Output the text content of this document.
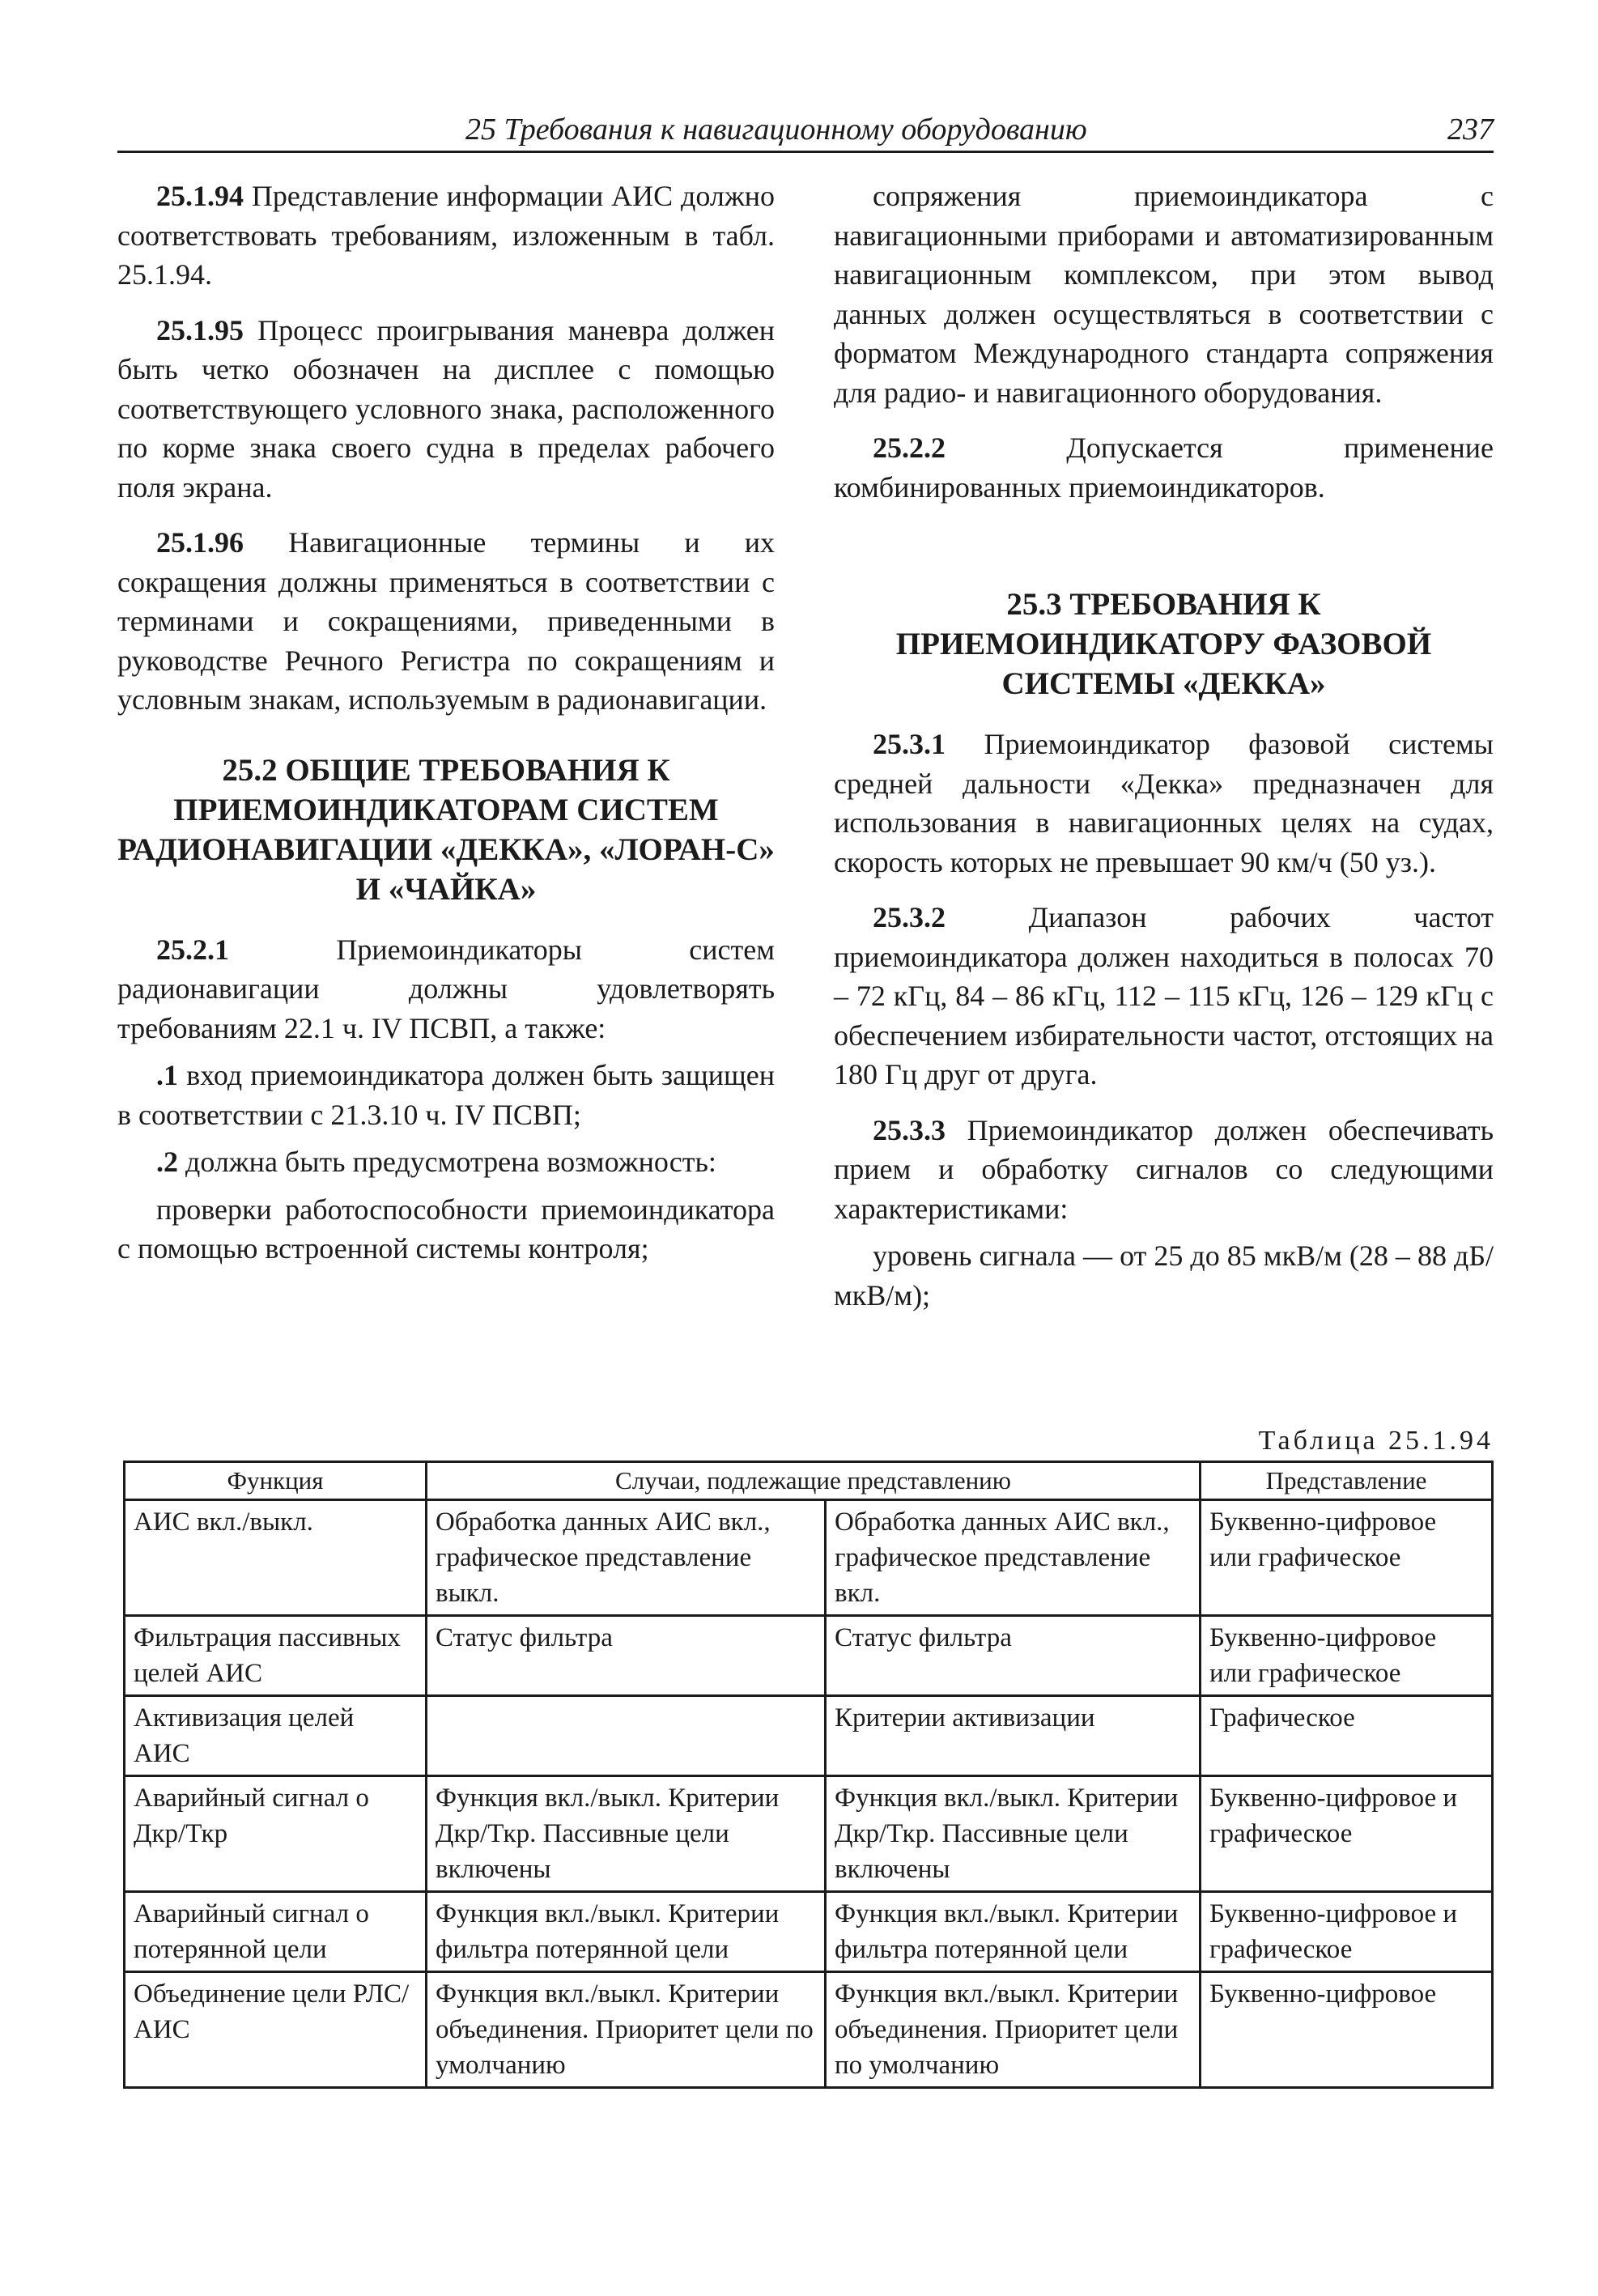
25 Требования к навигационному оборудованию	237

25.1.94 Представление информации АИС должно соответствовать требованиям, изложенным в табл. 25.1.94.

25.1.95 Процесс проигрывания маневра должен быть четко обозначен на дисплее с помощью соответствующего условного знака, расположенного по корме знака своего судна в пределах рабочего поля экрана.

25.1.96 Навигационные термины и их сокращения должны применяться в соответствии с терминами и сокращениями, приведенными в руководстве Речного Регистра по сокращениям и условным знакам, используемым в радионавигации.

25.2 ОБЩИЕ ТРЕБОВАНИЯ К ПРИЕМОИНДИКАТОРАМ СИСТЕМ РАДИОНАВИГАЦИИ «ДЕККА», «ЛОРАН-С» И «ЧАЙКА»

25.2.1 Приемоиндикаторы систем радионавигации должны удовлетворять требованиям 22.1 ч. IV ПСВП, а также:

.1 вход приемоиндикатора должен быть защищен в соответствии с 21.3.10 ч. IV ПСВП;

.2 должна быть предусмотрена возможность:

проверки работоспособности приемоиндикатора с помощью встроенной системы контроля;

сопряжения приемоиндикатора с навигационными приборами и автоматизированным навигационным комплексом, при этом вывод данных должен осуществляться в соответствии с форматом Международного стандарта сопряжения для радио- и навигационного оборудования.

25.2.2 Допускается применение комбинированных приемоиндикаторов.

25.3 ТРЕБОВАНИЯ К ПРИЕМОИНДИКАТОРУ ФАЗОВОЙ СИСТЕМЫ «ДЕККА»

25.3.1 Приемоиндикатор фазовой системы средней дальности «Декка» предназначен для использования в навигационных целях на судах, скорость которых не превышает 90 км/ч (50 уз.).

25.3.2 Диапазон рабочих частот приемоиндикатора должен находиться в полосах 70 – 72 кГц, 84 – 86 кГц, 112 – 115 кГц, 126 – 129 кГц с обеспечением избирательности частот, отстоящих на 180 Гц друг от друга.

25.3.3 Приемоиндикатор должен обеспечивать прием и обработку сигналов со следующими характеристиками:

уровень сигнала — от 25 до 85 мкВ/м (28 – 88 дБ/мкВ/м);

Таблица 25.1.94
Функция	Случаи, подлежащие представлению		Представление
АИС вкл./выкл.	Обработка данных АИС вкл., графическое представление выкл.	Обработка данных АИС вкл., графическое представление вкл.	Буквенно-цифровое или графическое
Фильтрация пассивных целей АИС	Статус фильтра	Статус фильтра	Буквенно-цифровое или графическое
Активизация целей АИС		Критерии активизации	Графическое
Аварийный сигнал о Дкр/Ткр	Функция вкл./выкл. Критерии Дкр/Ткр. Пассивные цели включены	Функция вкл./выкл. Критерии Дкр/Ткр. Пассивные цели включены	Буквенно-цифровое и графическое
Аварийный сигнал о потерянной цели	Функция вкл./выкл. Критерии фильтра потерянной цели	Функция вкл./выкл. Критерии фильтра потерянной цели	Буквенно-цифровое и графическое
Объединение цели РЛС/АИС	Функция вкл./выкл. Критерии объединения. Приоритет цели по умолчанию	Функция вкл./выкл. Критерии объединения. Приоритет цели по умолчанию	Буквенно-цифровое
